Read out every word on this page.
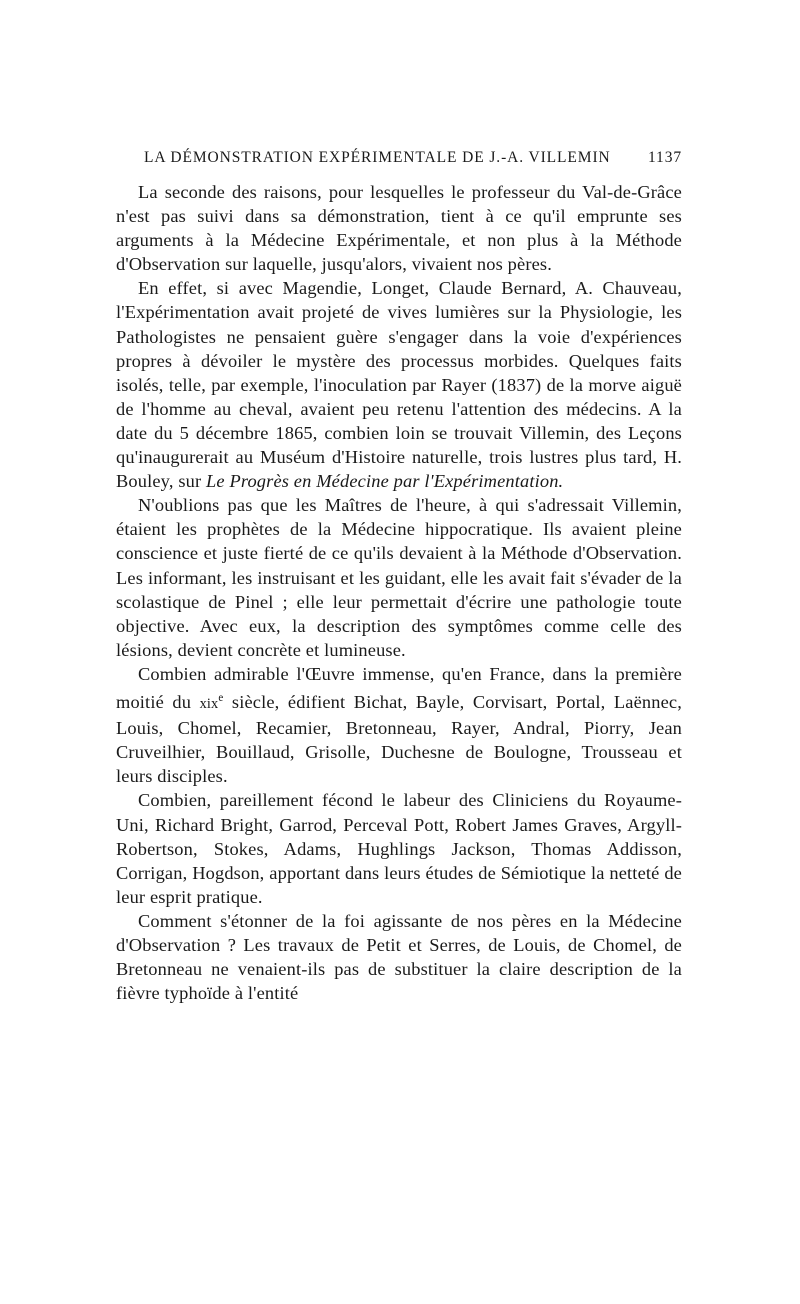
LA DÉMONSTRATION EXPÉRIMENTALE DE J.-A. VILLEMIN 1137

La seconde des raisons, pour lesquelles le professeur du Val-de-Grâce n'est pas suivi dans sa démonstration, tient à ce qu'il emprunte ses arguments à la Médecine Expérimentale, et non plus à la Méthode d'Observation sur laquelle, jusqu'alors, vivaient nos pères.

En effet, si avec Magendie, Longet, Claude Bernard, A. Chauveau, l'Expérimentation avait projeté de vives lumières sur la Physiologie, les Pathologistes ne pensaient guère s'engager dans la voie d'expériences propres à dévoiler le mystère des processus morbides. Quelques faits isolés, telle, par exemple, l'inoculation par Rayer (1837) de la morve aiguë de l'homme au cheval, avaient peu retenu l'attention des médecins. A la date du 5 décembre 1865, combien loin se trouvait Villemin, des Leçons qu'inaugurerait au Muséum d'Histoire naturelle, trois lustres plus tard, H. Bouley, sur Le Progrès en Médecine par l'Expérimentation.

N'oublions pas que les Maîtres de l'heure, à qui s'adressait Villemin, étaient les prophètes de la Médecine hippocratique. Ils avaient pleine conscience et juste fierté de ce qu'ils devaient à la Méthode d'Observation. Les informant, les instruisant et les guidant, elle les avait fait s'évader de la scolastique de Pinel ; elle leur permettait d'écrire une pathologie toute objective. Avec eux, la description des symptômes comme celle des lésions, devient concrète et lumineuse.

Combien admirable l'Œuvre immense, qu'en France, dans la première moitié du xix$^e$ siècle, édifient Bichat, Bayle, Corvisart, Portal, Laënnec, Louis, Chomel, Recamier, Bretonneau, Rayer, Andral, Piorry, Jean Cruveilhier, Bouillaud, Grisolle, Duchesne de Boulogne, Trousseau et leurs disciples.

Combien, pareillement fécond le labeur des Cliniciens du Royaume-Uni, Richard Bright, Garrod, Perceval Pott, Robert James Graves, Argyll-Robertson, Stokes, Adams, Hughlings Jackson, Thomas Addisson, Corrigan, Hogdson, apportant dans leurs études de Sémiotique la netteté de leur esprit pratique.

Comment s'étonner de la foi agissante de nos pères en la Médecine d'Observation ? Les travaux de Petit et Serres, de Louis, de Chomel, de Bretonneau ne venaient-ils pas de substituer la claire description de la fièvre typhoïde à l'entité
